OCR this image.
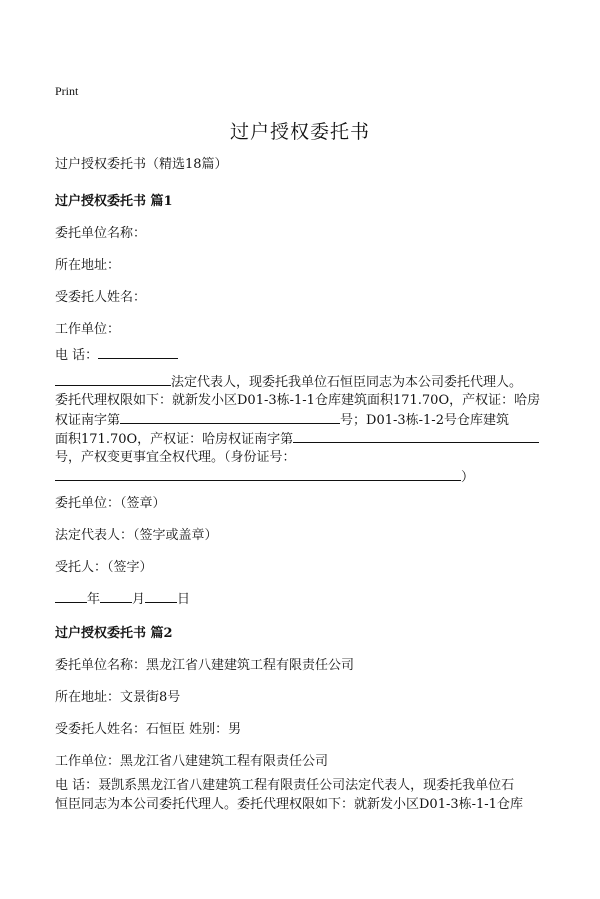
Print
过户授权委托书
过户授权委托书（精选18篇）
过户授权委托书 篇1
委托单位名称：
所在地址：
受委托人姓名：
工作单位：
电 话：
法定代表人，现委托我单位石恒臣同志为本公司委托代理人。
委托代理权限如下：就新发小区D01-3栋-1-1仓库建筑面积171.70O，产权证：哈房
权证南字第	号；D01-3栋-1-2号仓库建筑
面积171.70O，产权证：哈房权证南字第
号，产权变更事宜全权代理。（身份证号：
）
委托单位：（签章）
法定代表人：（签字或盖章）
受托人：（签字）
年 月 日
过户授权委托书 篇2
委托单位名称：黑龙江省八建建筑工程有限责任公司
所在地址：文景街8号
受委托人姓名：石恒臣 姓别：男
工作单位：黑龙江省八建建筑工程有限责任公司
电 话：聂凯系黑龙江省八建建筑工程有限责任公司法定代表人，现委托我单位石
恒臣同志为本公司委托代理人。委托代理权限如下：就新发小区D01-3栋-1-1仓库
